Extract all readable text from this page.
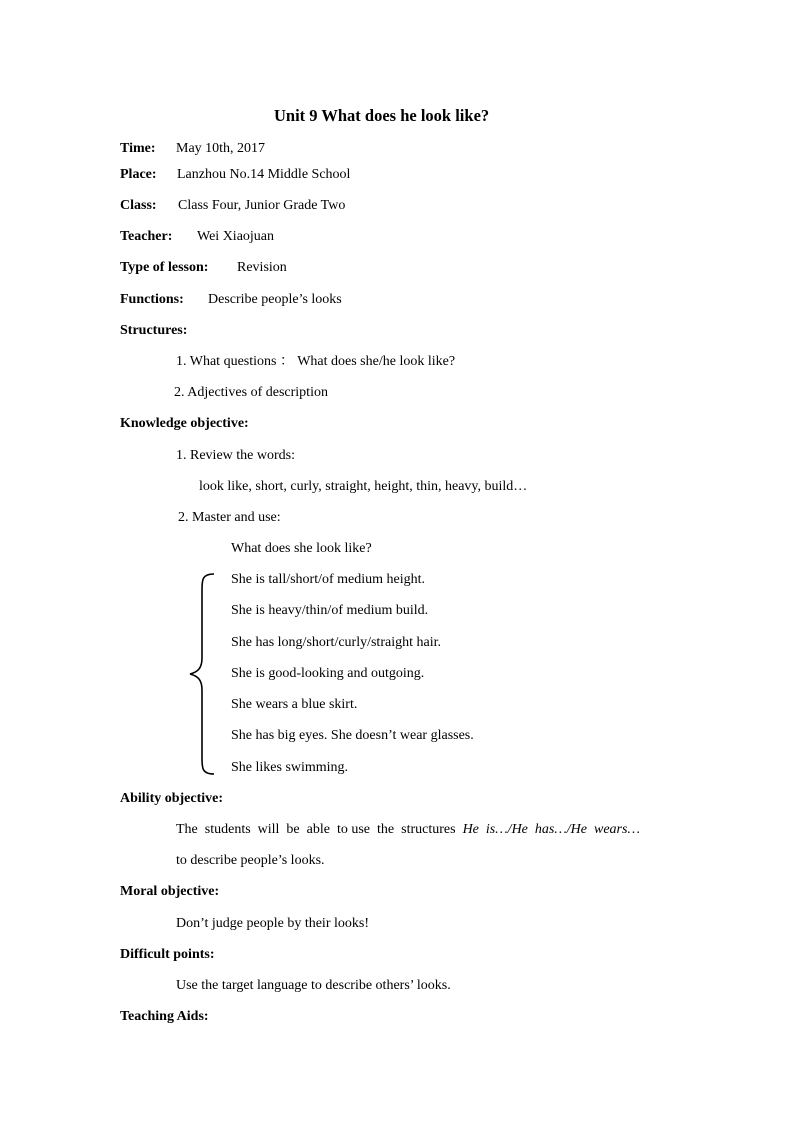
Unit 9 What does he look like?
Time: May 10th, 2017
Place: Lanzhou No.14 Middle School
Class: Class Four, Junior Grade Two
Teacher: Wei Xiaojuan
Type of lesson: Revision
Functions: Describe people’s looks
Structures:
1. What questions ： What does she/he look like?
2. Adjectives of description
Knowledge objective:
1. Review the words:
look like, short, curly, straight, height, thin, heavy, build…
2. Master and use:
What does she look like?
She is tall/short/of medium height.
She is heavy/thin/of medium build.
She has long/short/curly/straight hair.
She is good-looking and outgoing.
She wears a blue skirt.
She has big eyes. She doesn’t wear glasses.
She likes swimming.
Ability objective:
The  students  will  be  able  to use  the  structures  He  is…/He  has…/He  wears…
to describe people’s looks.
Moral objective:
Don’t judge people by their looks!
Difficult points:
Use the target language to describe others’ looks.
Teaching Aids:
